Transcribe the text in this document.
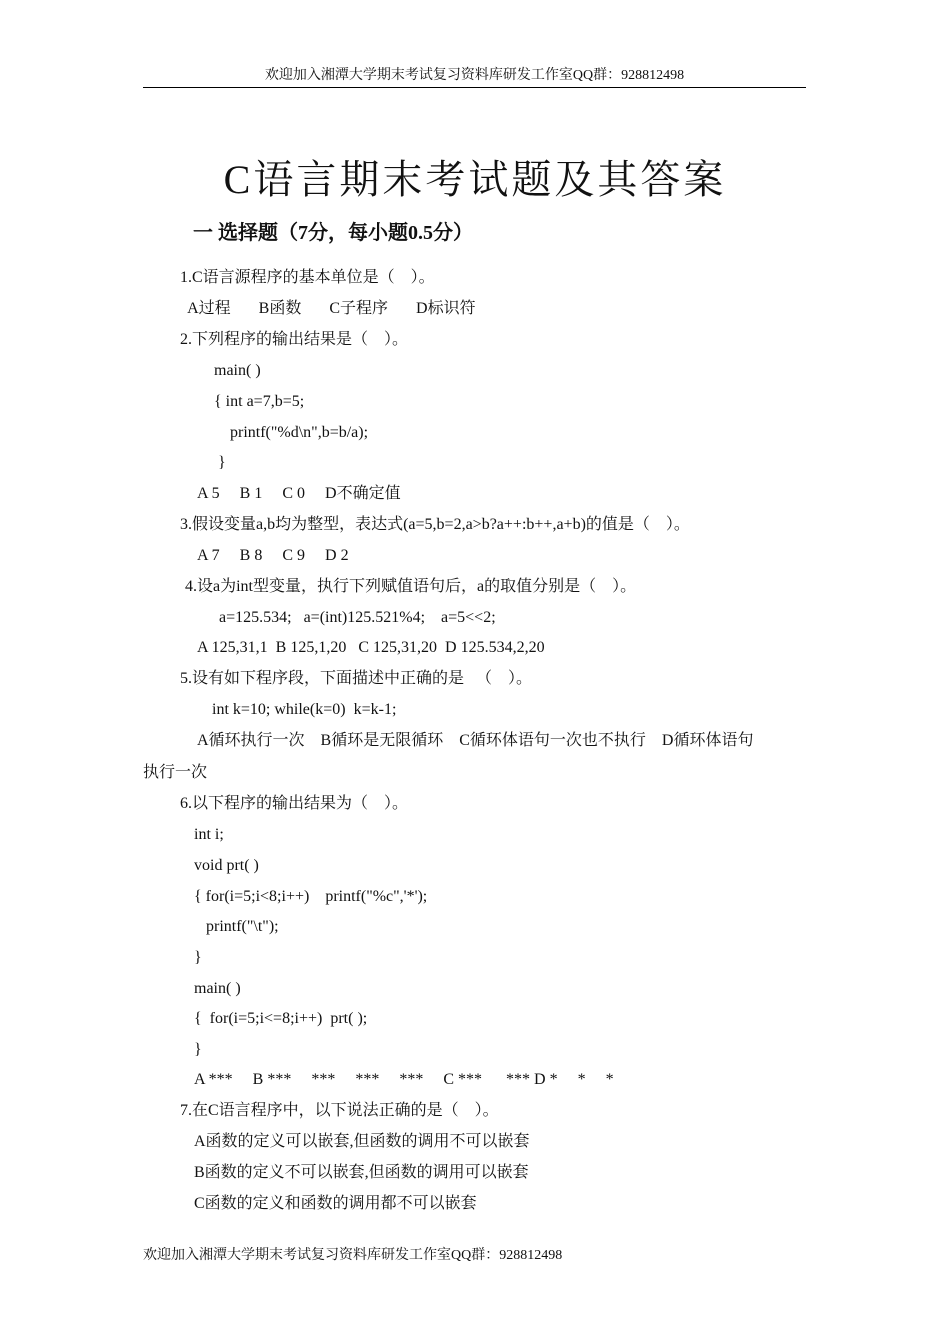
欢迎加入湘潭大学期末考试复习资料库研发工作室QQ群：928812498
C语言期末考试题及其答案
一 选择题（7分，每小题0.5分）
1.C语言源程序的基本单位是（    ）。
A过程       B函数       C子程序       D标识符
2.下列程序的输出结果是（    ）。
main( )
{ int a=7,b=5;
printf("%d\n",b=b/a);
}
A 5     B 1     C 0     D不确定值
3.假设变量a,b均为整型，表达式(a=5,b=2,a>b?a++:b++,a+b)的值是（    ）。
A 7     B 8     C 9     D 2
4.设a为int型变量，执行下列赋值语句后，a的取值分别是（    ）。
a=125.534;   a=(int)125.521%4;    a=5<<2;
A 125,31,1  B 125,1,20   C 125,31,20  D 125.534,2,20
5.设有如下程序段，下面描述中正确的是   （    ）。
int k=10; while(k=0)  k=k-1;
A循环执行一次    B循环是无限循环    C循环体语句一次也不执行    D循环体语句
执行一次
6.以下程序的输出结果为（    ）。
int i;
void prt( )
{ for(i=5;i<8;i++)    printf("%c",'*');
printf("\t");
}
main( )
{  for(i=5;i<=8;i++)  prt( );
}
A ***     B ***     ***     ***     ***     C ***      *** D *     *     *
7.在C语言程序中，以下说法正确的是（    ）。
A函数的定义可以嵌套,但函数的调用不可以嵌套
B函数的定义不可以嵌套,但函数的调用可以嵌套
C函数的定义和函数的调用都不可以嵌套
欢迎加入湘潭大学期末考试复习资料库研发工作室QQ群：928812498
